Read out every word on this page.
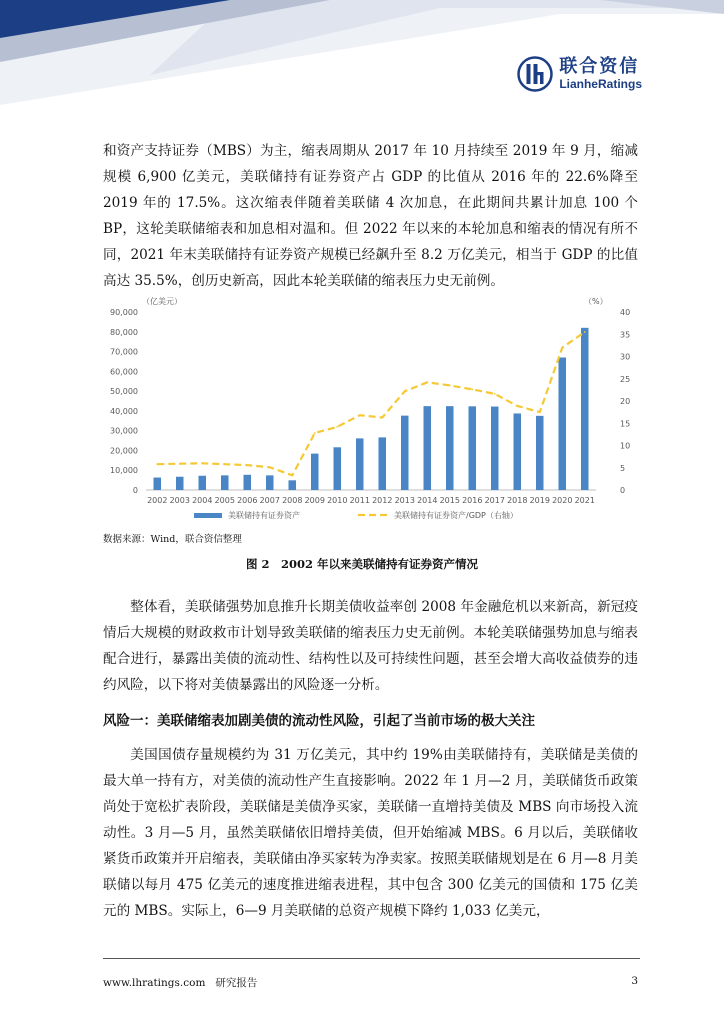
联合资信
LianheRatings

和资产支持证券（MBS）为主，缩表周期从 2017 年 10 月持续至 2019 年 9 月，缩减规模 6,900 亿美元，美联储持有证券资产占 GDP 的比值从 2016 年的 22.6%降至 2019 年的 17.5%。这次缩表伴随着美联储 4 次加息，在此期间共累计加息 100 个 BP，这轮美联储缩表和加息相对温和。但 2022 年以来的本轮加息和缩表的情况有所不同，2021 年末美联储持有证券资产规模已经飙升至 8.2 万亿美元，相当于 GDP 的比值高达 35.5%，创历史新高，因此本轮美联储的缩表压力史无前例。

0
10,000
20,000
30,000
40,000
50,000
60,000
70,000
80,000
90,000
0
5
10
15
20
25
30
35
40
（亿美元）	（%）
2002 2003 2004 2005 2006 2007 2008 2009 2010 2011 2012 2013 2014 2015 2016 2017 2018 2019 2020 2021
美联储持有证券资产	美联储持有证券资产/GDP（右轴）

数据来源：Wind，联合资信整理

图 2　2002 年以来美联储持有证券资产情况

整体看，美联储强势加息推升长期美债收益率创 2008 年金融危机以来新高，新冠疫情后大规模的财政救市计划导致美联储的缩表压力史无前例。本轮美联储强势加息与缩表配合进行，暴露出美债的流动性、结构性以及可持续性问题，甚至会增大高收益债券的违约风险，以下将对美债暴露出的风险逐一分析。

风险一：美联储缩表加剧美债的流动性风险，引起了当前市场的极大关注

美国国债存量规模约为 31 万亿美元，其中约 19%由美联储持有，美联储是美债的最大单一持有方，对美债的流动性产生直接影响。2022 年 1 月—2 月，美联储货币政策尚处于宽松扩表阶段，美联储是美债净买家，美联储一直增持美债及 MBS 向市场投入流动性。3 月—5 月，虽然美联储依旧增持美债，但开始缩减 MBS。6 月以后，美联储收紧货币政策并开启缩表，美联储由净买家转为净卖家。按照美联储规划是在 6 月—8 月美联储以每月 475 亿美元的速度推进缩表进程，其中包含 300 亿美元的国债和 175 亿美元的 MBS。实际上，6—9 月美联储的总资产规模下降约 1,033 亿美元，

www.lhratings.com 研究报告	3
